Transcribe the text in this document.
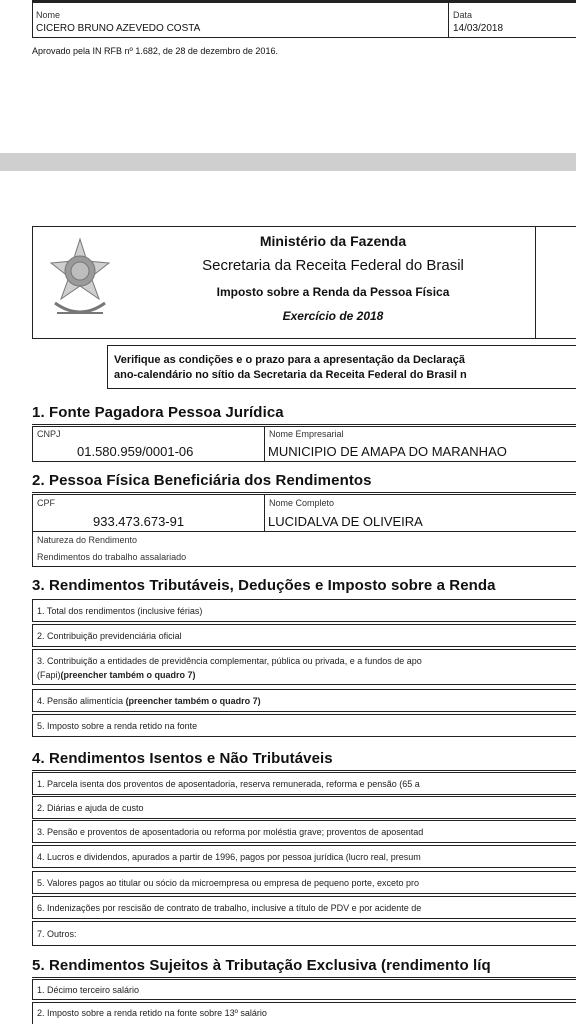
Nome
CICERO BRUNO AZEVEDO COSTA
Data
14/03/2018
Aprovado pela IN RFB nº 1.682, de 28 de dezembro de 2016.
Ministério da Fazenda
Secretaria da Receita Federal do Brasil
Imposto sobre a Renda da Pessoa Física
Exercício de 2018
Verifique as condições e o prazo para a apresentação da Declaraçã
ano-calendário no sítio da Secretaria da Receita Federal do Brasil n
1. Fonte Pagadora Pessoa Jurídica
CNPJ
01.580.959/0001-06
Nome Empresarial
MUNICIPIO DE AMAPA DO MARANHAO
2. Pessoa Física Beneficiária dos Rendimentos
CPF
933.473.673-91
Nome Completo
LUCIDALVA DE OLIVEIRA
Natureza do Rendimento
Rendimentos do trabalho assalariado
3. Rendimentos Tributáveis, Deduções e Imposto sobre a Renda
1. Total dos rendimentos (inclusive férias)
2. Contribuição previdenciária oficial
3. Contribuição a entidades de previdência complementar, pública ou privada, e a fundos de apo
(Fapi)(preencher também o quadro 7)
4. Pensão alimentícia (preencher também o quadro 7)
5. Imposto sobre a renda retido na fonte
4. Rendimentos Isentos e Não Tributáveis
1. Parcela isenta dos proventos de aposentadoria, reserva remunerada, reforma e pensão (65 a
2. Diárias e ajuda de custo
3. Pensão e proventos de aposentadoria ou reforma por moléstia grave; proventos de aposentad
4. Lucros e dividendos, apurados a partir de 1996, pagos por pessoa jurídica (lucro real, presum
5. Valores pagos ao titular ou sócio da microempresa ou empresa de pequeno porte, exceto pro
6. Indenizações por rescisão de contrato de trabalho, inclusive a título de PDV e por acidente de
7. Outros:
5. Rendimentos Sujeitos à Tributação Exclusiva (rendimento líq
1. Décimo terceiro salário
2. Imposto sobre a renda retido na fonte sobre 13º salário
